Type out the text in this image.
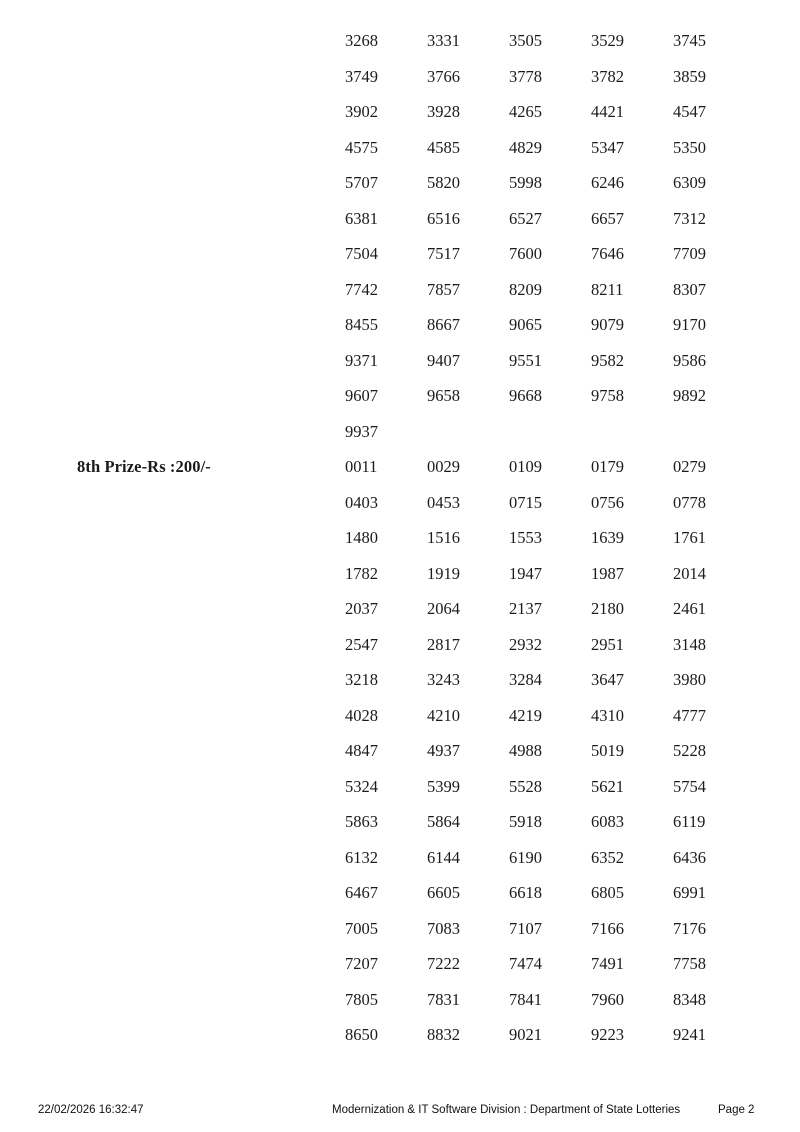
3268	3331	3505	3529	3745
3749	3766	3778	3782	3859
3902	3928	4265	4421	4547
4575	4585	4829	5347	5350
5707	5820	5998	6246	6309
6381	6516	6527	6657	7312
7504	7517	7600	7646	7709
7742	7857	8209	8211	8307
8455	8667	9065	9079	9170
9371	9407	9551	9582	9586
9607	9658	9668	9758	9892
9937
8th Prize-Rs :200/-	0011	0029	0109	0179	0279
0403	0453	0715	0756	0778
1480	1516	1553	1639	1761
1782	1919	1947	1987	2014
2037	2064	2137	2180	2461
2547	2817	2932	2951	3148
3218	3243	3284	3647	3980
4028	4210	4219	4310	4777
4847	4937	4988	5019	5228
5324	5399	5528	5621	5754
5863	5864	5918	6083	6119
6132	6144	6190	6352	6436
6467	6605	6618	6805	6991
7005	7083	7107	7166	7176
7207	7222	7474	7491	7758
7805	7831	7841	7960	8348
8650	8832	9021	9223	9241
22/02/2026 16:32:47	Modernization & IT Software Division : Department of State Lotteries	Page 2
